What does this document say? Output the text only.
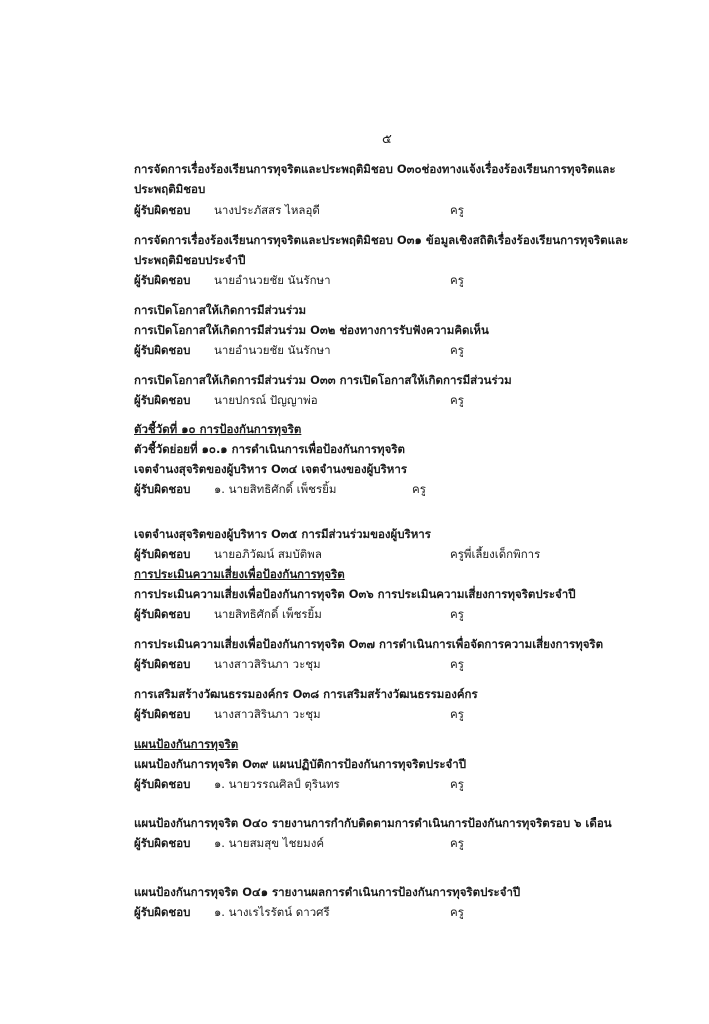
๕
การจัดการเรื่องร้องเรียนการทุจริตและประพฤติมิชอบ O๓๐ช่องทางแจ้งเรื่องร้องเรียนการทุจริตและ
ประพฤติมิชอบ
ผู้รับผิดชอบ นางประภัสสร ไหลอุดี	ครู
การจัดการเรื่องร้องเรียนการทุจริตและประพฤติมิชอบ O๓๑ ข้อมูลเชิงสถิติเรื่องร้องเรียนการทุจริตและ
ประพฤติมิชอบประจำปี
ผู้รับผิดชอบ นายอำนวยชัย นันรักษา	ครู
การเปิดโอกาสให้เกิดการมีส่วนร่วม
การเปิดโอกาสให้เกิดการมีส่วนร่วม O๓๒ ช่องทางการรับฟังความคิดเห็น
ผู้รับผิดชอบ นายอำนวยชัย นันรักษา	ครู
การเปิดโอกาสให้เกิดการมีส่วนร่วม O๓๓ การเปิดโอกาสให้เกิดการมีส่วนร่วม
ผู้รับผิดชอบ นายปกรณ์ ปัญญาพ่อ	ครู
ตัวชี้วัดที่ ๑๐ การป้องกันการทุจริต
ตัวชี้วัดย่อยที่ ๑๐.๑ การดำเนินการเพื่อป้องกันการทุจริต
เจตจำนงสุจริตของผู้บริหาร O๓๔ เจตจำนงของผู้บริหาร
ผู้รับผิดชอบ ๑. นายสิทธิศักดิ์ เพ็ชรยิ้ม	ครู
เจตจำนงสุจริตของผู้บริหาร O๓๕ การมีส่วนร่วมของผู้บริหาร
ผู้รับผิดชอบ นายอภิวัฒน์ สมบัติพล	ครูพี่เลี้ยงเด็กพิการ
การประเมินความเสี่ยงเพื่อป้องกันการทุจริต
การประเมินความเสี่ยงเพื่อป้องกันการทุจริต O๓๖ การประเมินความเสี่ยงการทุจริตประจำปี
ผู้รับผิดชอบ นายสิทธิศักดิ์ เพ็ชรยิ้ม	ครู
การประเมินความเสี่ยงเพื่อป้องกันการทุจริต O๓๗ การดำเนินการเพื่อจัดการความเสี่ยงการทุจริต
ผู้รับผิดชอบ นางสาวสิรินภา วะชุม	ครู
การเสริมสร้างวัฒนธรรมองค์กร O๓๘ การเสริมสร้างวัฒนธรรมองค์กร
ผู้รับผิดชอบ นางสาวสิรินภา วะชุม	ครู
แผนป้องกันการทุจริต
แผนป้องกันการทุจริต O๓๙ แผนปฏิบัติการป้องกันการทุจริตประจำปี
ผู้รับผิดชอบ ๑. นายวรรณศิลป์ ตุรินทร	ครู
แผนป้องกันการทุจริต O๔๐ รายงานการกำกับติดตามการดำเนินการป้องกันการทุจริตรอบ ๖ เดือน
ผู้รับผิดชอบ ๑. นายสมสุข ไชยมงค์	ครู
แผนป้องกันการทุจริต O๔๑ รายงานผลการดำเนินการป้องกันการทุจริตประจำปี
ผู้รับผิดชอบ ๑. นางเรไรรัตน์ ดาวศรี	ครู
